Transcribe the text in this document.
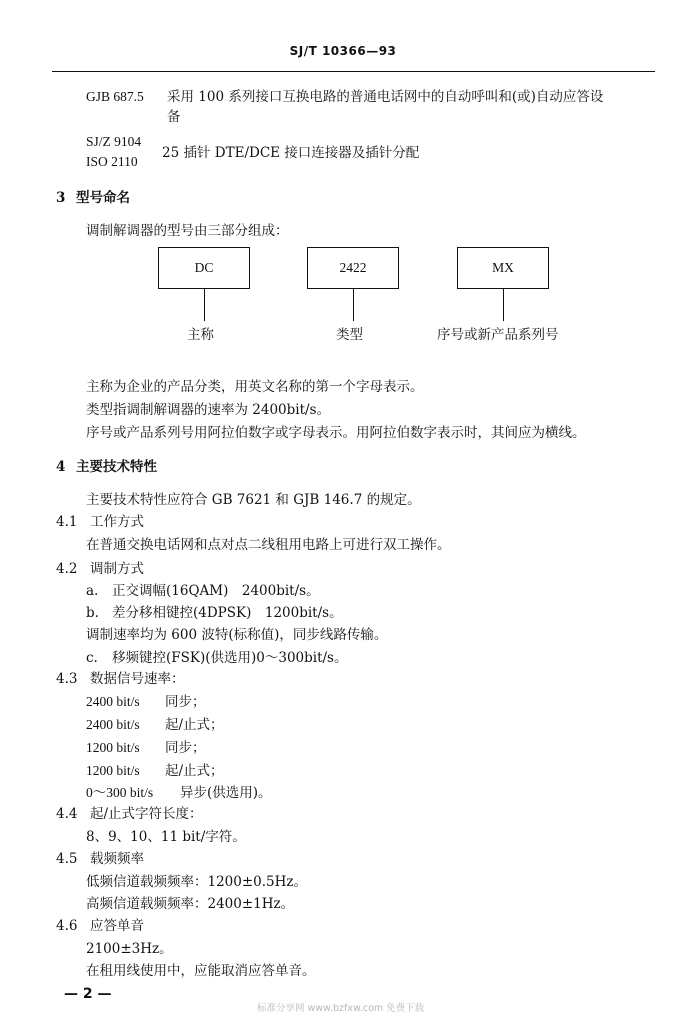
SJ/T 10366—93
GJB 687.5 采用 100 系列接口互换电路的普通电话网中的自动呼叫和(或)自动应答设
备
SJ/Z 9104
ISO 2110
25 插针 DTE/DCE 接口连接器及插针分配
3 型号命名
调制解调器的型号由三部分组成：
DC	2422	MX
主称	类型	序号或新产品系列号
主称为企业的产品分类，用英文名称的第一个字母表示。
类型指调制解调器的速率为 2400bit/s。
序号或产品系列号用阿拉伯数字或字母表示。用阿拉伯数字表示时，其间应为横线。
4 主要技术特性
主要技术特性应符合 GB 7621 和 GJB 146.7 的规定。
4.1 工作方式
在普通交换电话网和点对点二线租用电路上可进行双工操作。
4.2 调制方式
a. 正交调幅(16QAM)　2400bit/s。
b. 差分移相键控(4DPSK)　1200bit/s。
调制速率均为 600 波特(标称值)，同步线路传输。
c. 移频键控(FSK)(供选用)0～300bit/s。
4.3 数据信号速率：
2400 bit/s 同步；
2400 bit/s 起/止式；
1200 bit/s 同步；
1200 bit/s 起/止式；
0～300 bit/s 异步(供选用)。
4.4 起/止式字符长度：
8、9、10、11 bit/字符。
4.5 载频频率
低频信道载频频率：1200±0.5Hz。
高频信道载频频率：2400±1Hz。
4.6 应答单音
2100±3Hz。
在租用线使用中，应能取消应答单音。
— 2 —
标准分享网 www.bzfxw.com 免费下载
